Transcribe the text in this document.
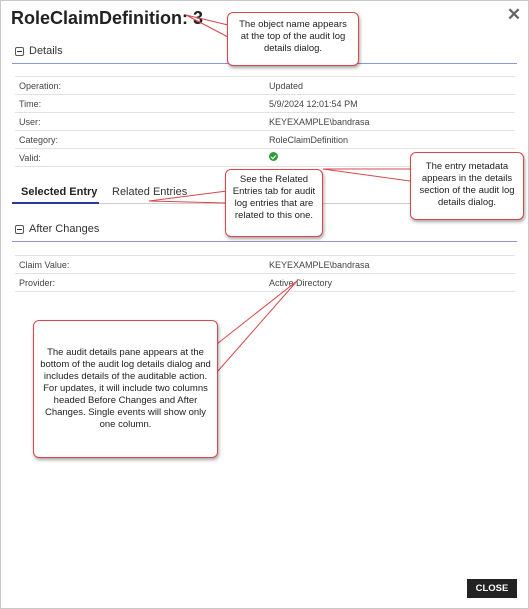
RoleClaimDefinition: 3	✕
Details
Operation:	Updated
Time:	5/9/2024 12:01:54 PM
User:	KEYEXAMPLE\bandrasa
Category:	RoleClaimDefinition
Valid:
Selected Entry Related Entries
After Changes
Claim Value:	KEYEXAMPLE\bandrasa
Provider:	Active Directory
The object name appears at the top of the audit log details dialog.
The entry metadata appears in the details section of the audit log details dialog.
See the Related Entries tab for audit log entries that are related to this one.
The audit details pane appears at the bottom of the audit log details dialog and includes details of the auditable action. For updates, it will include two columns headed Before Changes and After Changes. Single events will show only one column.
CLOSE
